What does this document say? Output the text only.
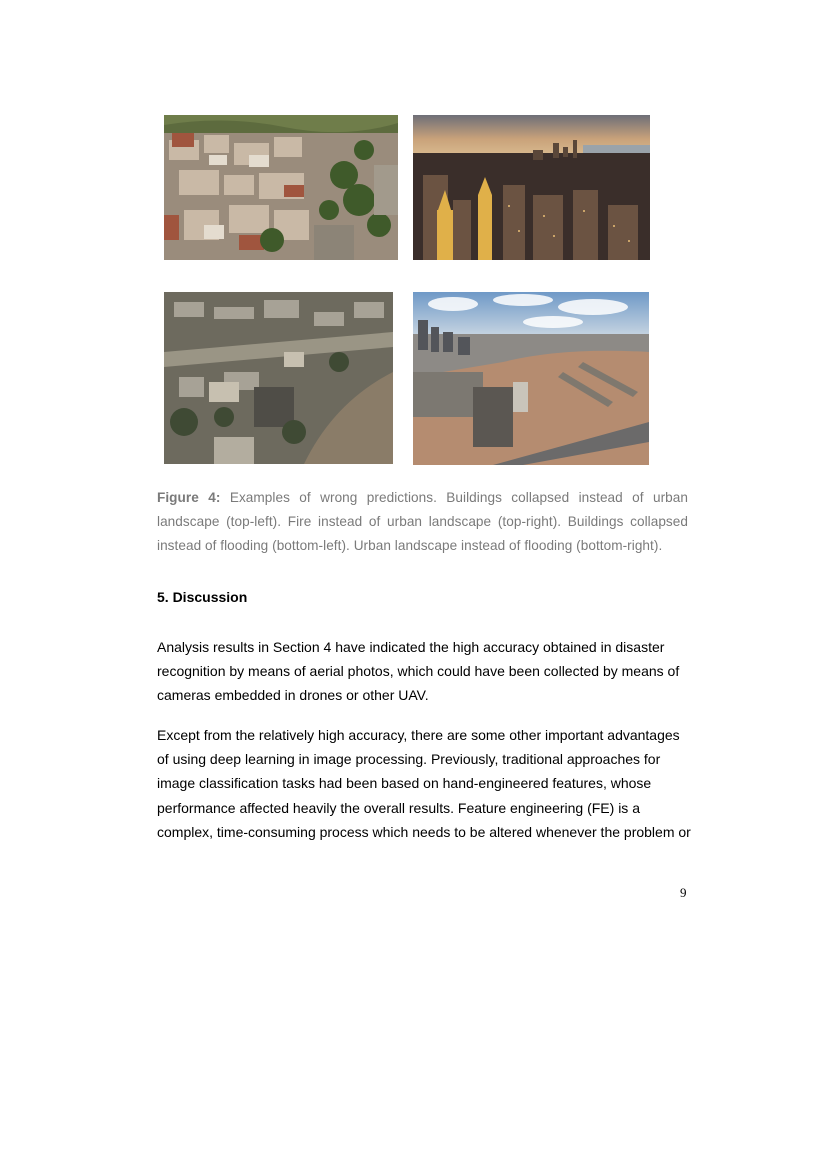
Figure 4: Examples of wrong predictions. Buildings collapsed instead of urban landscape (top-left). Fire instead of urban landscape (top-right). Buildings collapsed instead of flooding (bottom-left). Urban landscape instead of flooding (bottom-right).
5. Discussion

Analysis results in Section 4 have indicated the high accuracy obtained in disaster
recognition by means of aerial photos, which could have been collected by means of
cameras embedded in drones or other UAV.

Except from the relatively high accuracy, there are some other important advantages
of using deep learning in image processing. Previously, traditional approaches for
image classification tasks had been based on hand-engineered features, whose
performance affected heavily the overall results. Feature engineering (FE) is a
complex, time-consuming process which needs to be altered whenever the problem or

9
